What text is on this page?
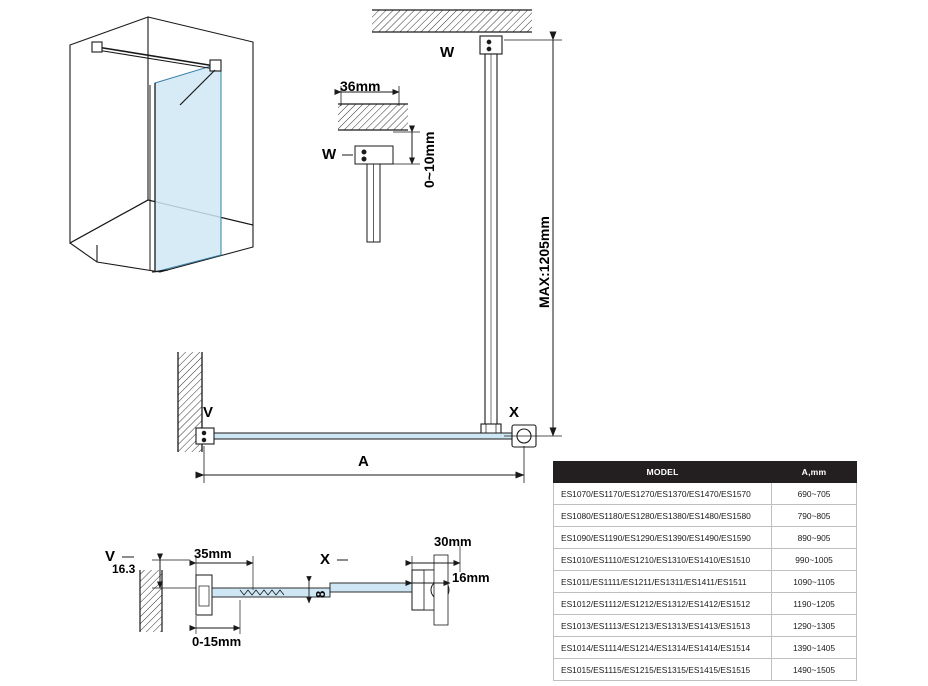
W
W
36mm
0~10mm
MAX:1205mm
V	X
A
V	X
16.3
35mm
8
0-15mm
30mm
16mm
MODEL	A,mm
ES1070/ES1170/ES1270/ES1370/ES1470/ES1570	690~705
ES1080/ES1180/ES1280/ES1380/ES1480/ES1580	790~805
ES1090/ES1190/ES1290/ES1390/ES1490/ES1590	890~905
ES1010/ES1110/ES1210/ES1310/ES1410/ES1510	990~1005
ES1011/ES1111/ES1211/ES1311/ES1411/ES1511	1090~1105
ES1012/ES1112/ES1212/ES1312/ES1412/ES1512	1190~1205
ES1013/ES1113/ES1213/ES1313/ES1413/ES1513	1290~1305
ES1014/ES1114/ES1214/ES1314/ES1414/ES1514	1390~1405
ES1015/ES1115/ES1215/ES1315/ES1415/ES1515	1490~1505
